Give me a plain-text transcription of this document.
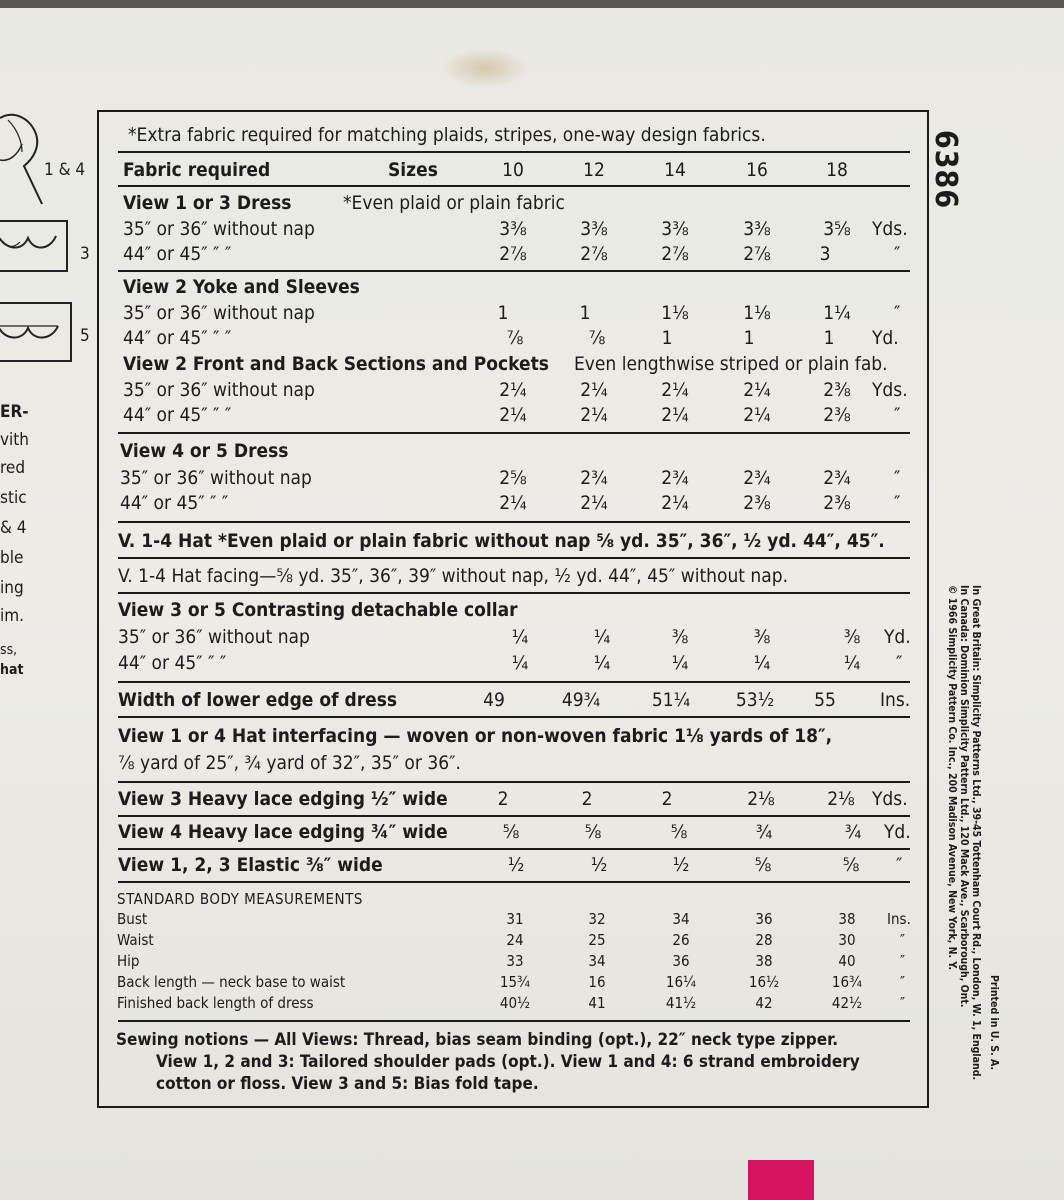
1 & 4
3
5
ER-
vith
red
stic
& 4
ble
ing
im.
ss,
hat
6386
In Great Britain: Simplicity Patterns Ltd., 39-45 Tottenham Court Rd., London, W. 1, England.
In Canada: Dominion Simplicity Pattern Ltd., 120 Mack Ave., Scarborough, Ont.
© 1966 Simplicity Pattern Co. Inc., 200 Madison Avenue, New York, N. Y.
Printed in U. S. A.
*Extra fabric required for matching plaids, stripes, one-way design fabrics.
Fabric required	Sizes	10	12	14	16	18
View 1 or 3 Dress	*Even plaid or plain fabric
35″ or 36″ without nap	3⅜	3⅜	3⅜	3⅜	3⅝	Yds.
44″ or 45″ ″ ″	2⅞	2⅞	2⅞	2⅞	3	″
View 2 Yoke and Sleeves
35″ or 36″ without nap	1	1	1⅛	1⅛	1¼	″
44″ or 45″ ″ ″	⅞	⅞	1	1	1	Yd.
View 2 Front and Back Sections and Pockets Even lengthwise striped or plain fab.
35″ or 36″ without nap	2¼	2¼	2¼	2¼	2⅜	Yds.
44″ or 45″ ″ ″	2¼	2¼	2¼	2¼	2⅜	″
View 4 or 5 Dress
35″ or 36″ without nap	2⅝	2¾	2¾	2¾	2¾	″
44″ or 45″ ″ ″	2¼	2¼	2¼	2⅜	2⅜	″
V. 1-4 Hat *Even plaid or plain fabric without nap ⅝ yd. 35″, 36″, ½ yd. 44″, 45″.
V. 1-4 Hat facing—⅝ yd. 35″, 36″, 39″ without nap, ½ yd. 44″, 45″ without nap.
View 3 or 5 Contrasting detachable collar
35″ or 36″ without nap	¼	¼	⅜	⅜	⅜	Yd.
44″ or 45″ ″ ″	¼	¼	¼	¼	¼	″
Width of lower edge of dress	49	49¾	51¼	53½	55	Ins.
View 1 or 4 Hat interfacing — woven or non-woven fabric 1⅛ yards of 18″,
⅞ yard of 25″, ¾ yard of 32″, 35″ or 36″.
View 3 Heavy lace edging ½″ wide	2	2	2	2⅛	2⅛ Yds.
View 4 Heavy lace edging ¾″ wide	⅝	⅝	⅝	¾	¾	Yd.
View 1, 2, 3 Elastic ⅜″ wide	½	½	½	⅝	⅝	″
STANDARD BODY MEASUREMENTS
Bust	31	32	34	36	38	Ins.
Waist	24	25	26	28	30	″
Hip	33	34	36	38	40	″
Back length — neck base to waist	15¾	16	16¼	16½	16¾	″
Finished back length of dress	40½	41	41½	42	42½	″
Sewing notions — All Views: Thread, bias seam binding (opt.), 22″ neck type zipper.
View 1, 2 and 3: Tailored shoulder pads (opt.). View 1 and 4: 6 strand embroidery
cotton or floss. View 3 and 5: Bias fold tape.
